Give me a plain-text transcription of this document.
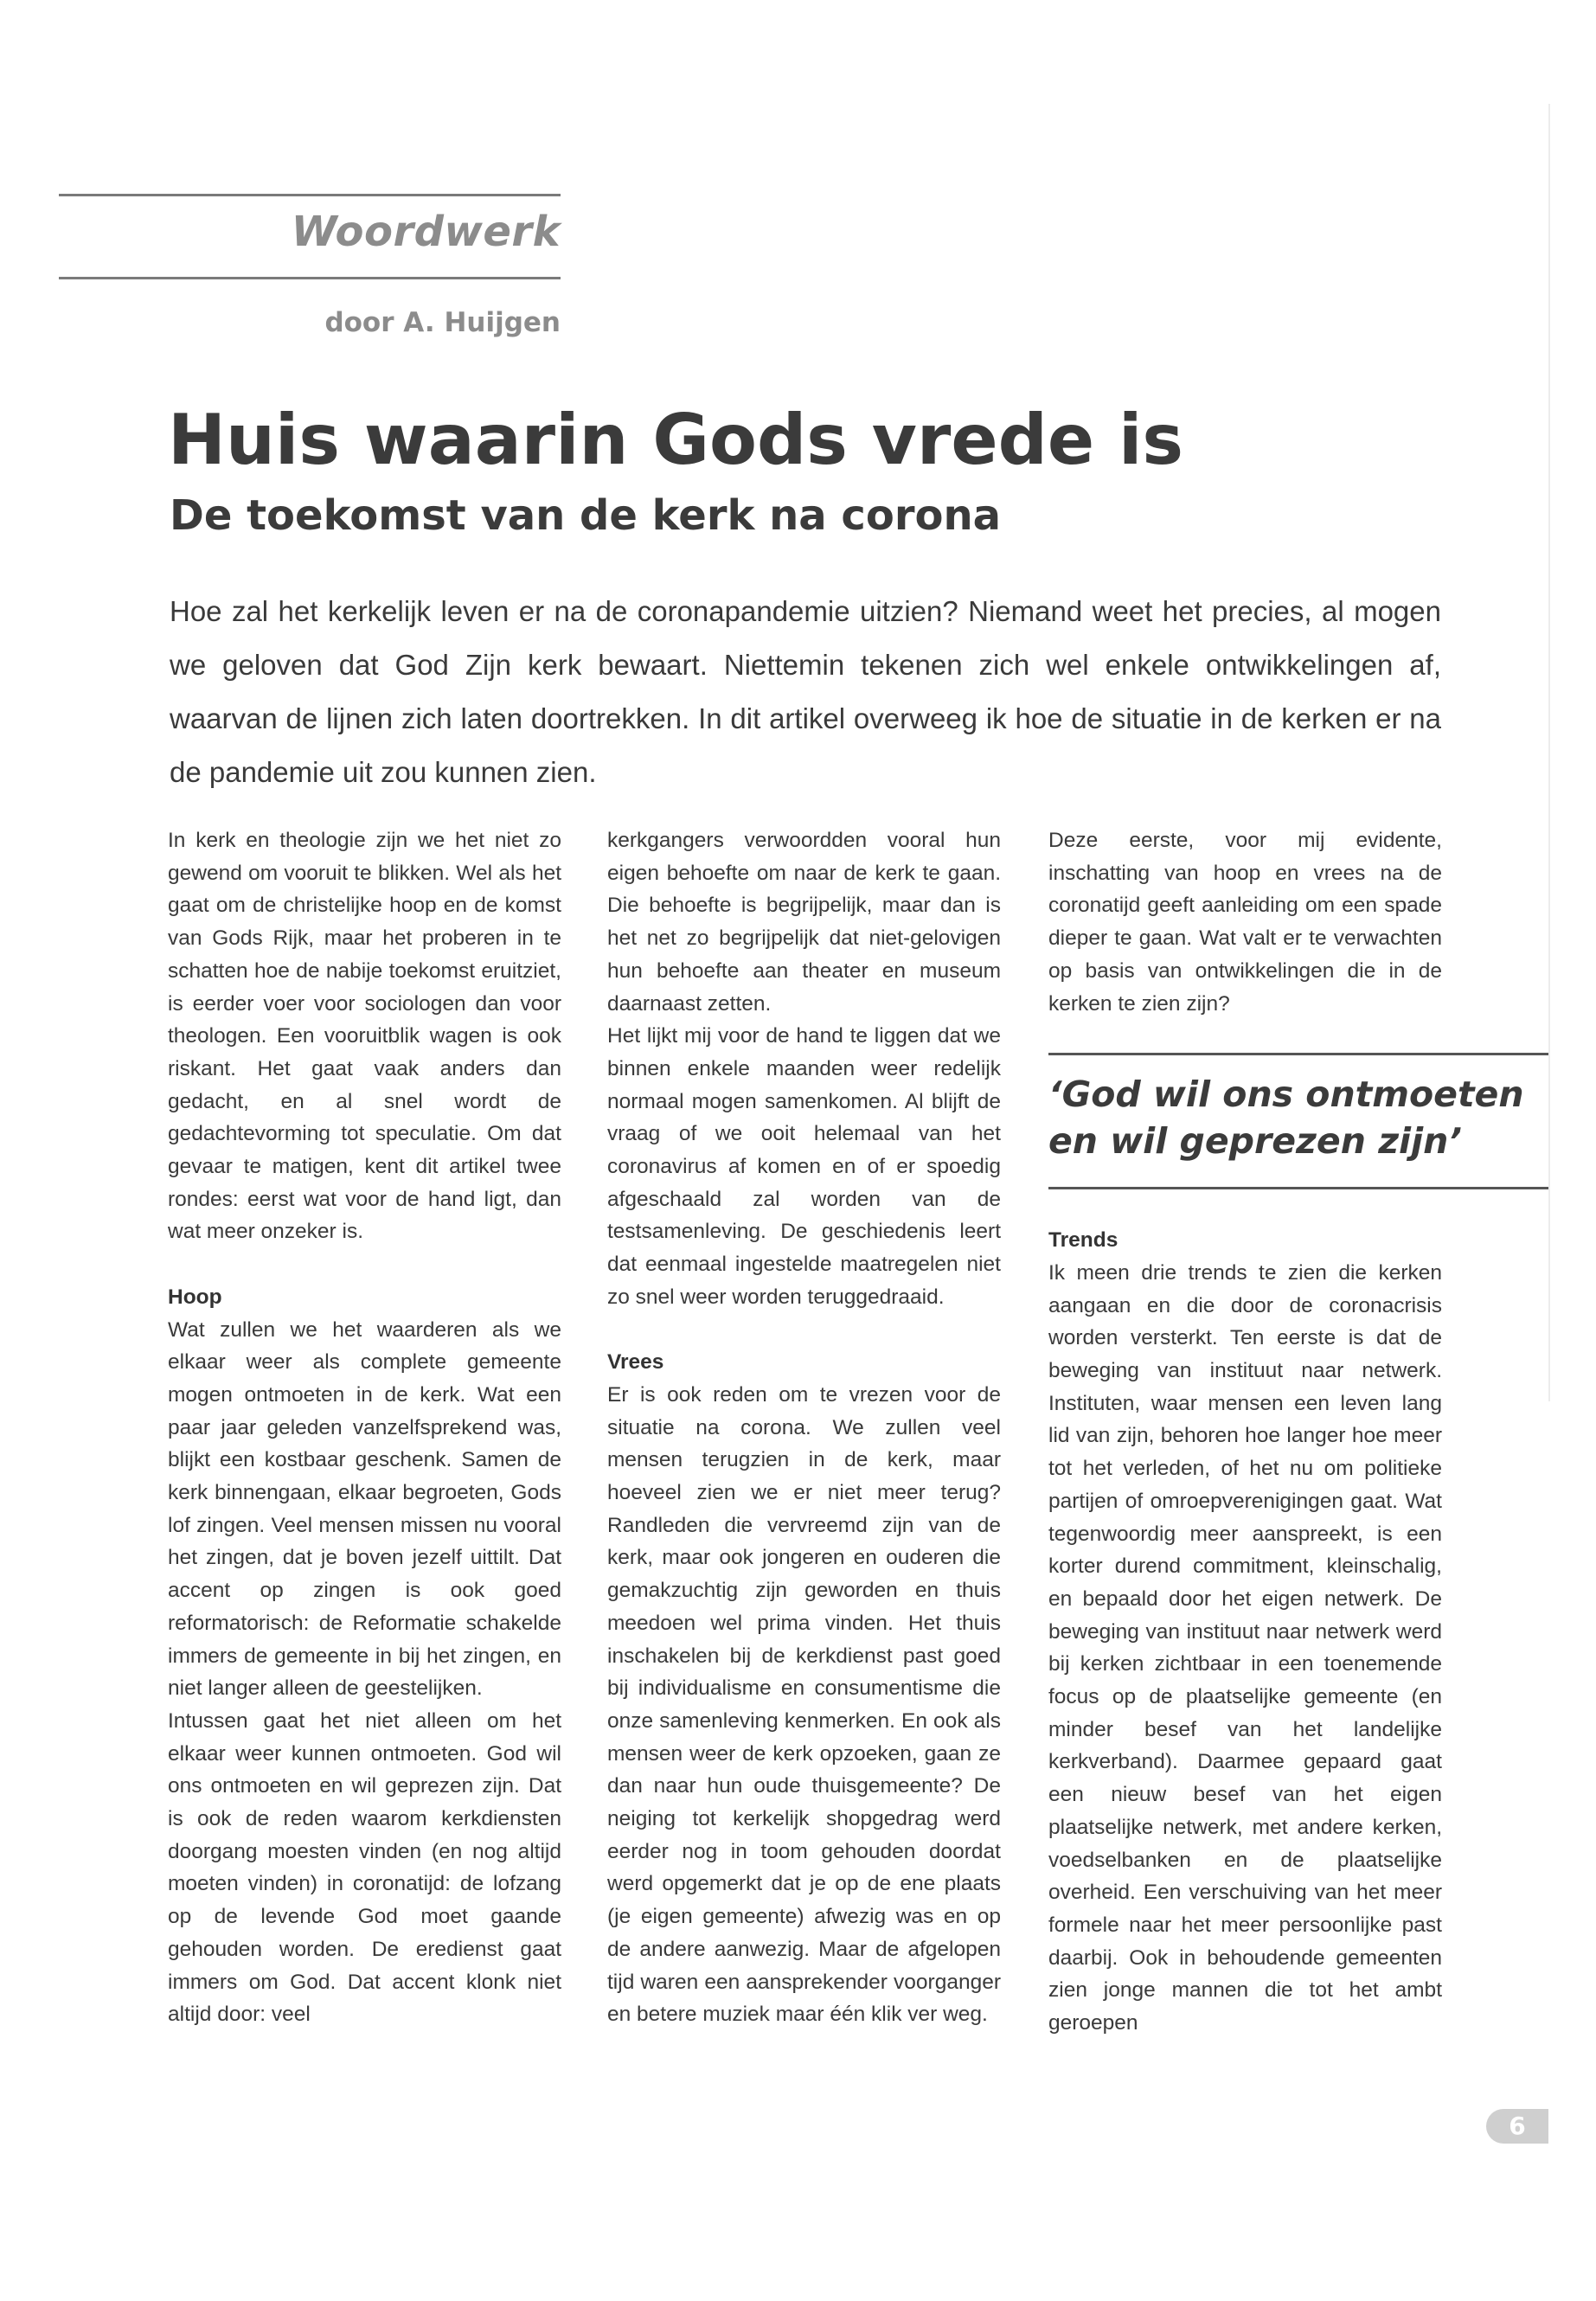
Woordwerk
door A. Huijgen
Huis waarin Gods vrede is
De toekomst van de kerk na corona

Hoe zal het kerkelijk leven er na de coronapandemie uitzien? Niemand weet het precies, al mogen we geloven dat God Zijn kerk bewaart. Niettemin tekenen zich wel enkele ontwikkelingen af, waarvan de lijnen zich laten doortrekken. In dit artikel overweeg ik hoe de situatie in de kerken er na de pandemie uit zou kunnen zien.

In kerk en theologie zijn we het niet zo gewend om vooruit te blikken. Wel als het gaat om de christelijke hoop en de komst van Gods Rijk, maar het proberen in te schatten hoe de nabije toekomst eruitziet, is eerder voer voor sociologen dan voor theologen. Een vooruitblik wagen is ook riskant. Het gaat vaak anders dan gedacht, en al snel wordt de gedachtevorming tot speculatie. Om dat gevaar te matigen, kent dit artikel twee rondes: eerst wat voor de hand ligt, dan wat meer onzeker is.

Hoop

Wat zullen we het waarderen als we elkaar weer als complete gemeente mogen ontmoeten in de kerk. Wat een paar jaar geleden vanzelfsprekend was, blijkt een kostbaar geschenk. Samen de kerk binnengaan, elkaar begroeten, Gods lof zingen. Veel mensen missen nu vooral het zingen, dat je boven jezelf uittilt. Dat accent op zingen is ook goed reformatorisch: de Reformatie schakelde immers de gemeente in bij het zingen, en niet langer alleen de geestelijken.

Intussen gaat het niet alleen om het elkaar weer kunnen ontmoeten. God wil ons ontmoeten en wil geprezen zijn. Dat is ook de reden waarom kerkdiensten doorgang moesten vinden (en nog altijd moeten vinden) in coronatijd: de lofzang op de levende God moet gaande gehouden worden. De eredienst gaat immers om God. Dat accent klonk niet altijd door: veel

kerkgangers verwoordden vooral hun eigen behoefte om naar de kerk te gaan. Die behoefte is begrijpelijk, maar dan is het net zo begrijpelijk dat niet-gelovigen hun behoefte aan theater en museum daarnaast zetten.

Het lijkt mij voor de hand te liggen dat we binnen enkele maanden weer redelijk normaal mogen samenkomen. Al blijft de vraag of we ooit helemaal van het coronavirus af komen en of er spoedig afgeschaald zal worden van de testsamenleving. De geschiedenis leert dat eenmaal ingestelde maatregelen niet zo snel weer worden teruggedraaid.

Vrees

Er is ook reden om te vrezen voor de situatie na corona. We zullen veel mensen terugzien in de kerk, maar hoeveel zien we er niet meer terug? Randleden die vervreemd zijn van de kerk, maar ook jongeren en ouderen die gemakzuchtig zijn geworden en thuis meedoen wel prima vinden. Het thuis inschakelen bij de kerkdienst past goed bij individualisme en consumentisme die onze samenleving kenmerken. En ook als mensen weer de kerk opzoeken, gaan ze dan naar hun oude thuisgemeente? De neiging tot kerkelijk shopgedrag werd eerder nog in toom gehouden doordat werd opgemerkt dat je op de ene plaats (je eigen gemeente) afwezig was en op de andere aanwezig. Maar de afgelopen tijd waren een aansprekender voorganger en betere muziek maar één klik ver weg.

Deze eerste, voor mij evidente, inschatting van hoop en vrees na de coronatijd geeft aanleiding om een spade dieper te gaan. Wat valt er te verwachten op basis van ontwikkelingen die in de kerken te zien zijn?

‘God wil ons ontmoeten en wil geprezen zijn’

Trends

Ik meen drie trends te zien die kerken aangaan en die door de coronacrisis worden versterkt. Ten eerste is dat de beweging van instituut naar netwerk. Instituten, waar mensen een leven lang lid van zijn, behoren hoe langer hoe meer tot het verleden, of het nu om politieke partijen of omroepverenigingen gaat. Wat tegenwoordig meer aanspreekt, is een korter durend commitment, kleinschalig, en bepaald door het eigen netwerk. De beweging van instituut naar netwerk werd bij kerken zichtbaar in een toenemende focus op de plaatselijke gemeente (en minder besef van het landelijke kerkverband). Daarmee gepaard gaat een nieuw besef van het eigen plaatselijke netwerk, met andere kerken, voedselbanken en de plaatselijke overheid. Een verschuiving van het meer formele naar het meer persoonlijke past daarbij. Ook in behoudende gemeenten zien jonge mannen die tot het ambt geroepen

6
